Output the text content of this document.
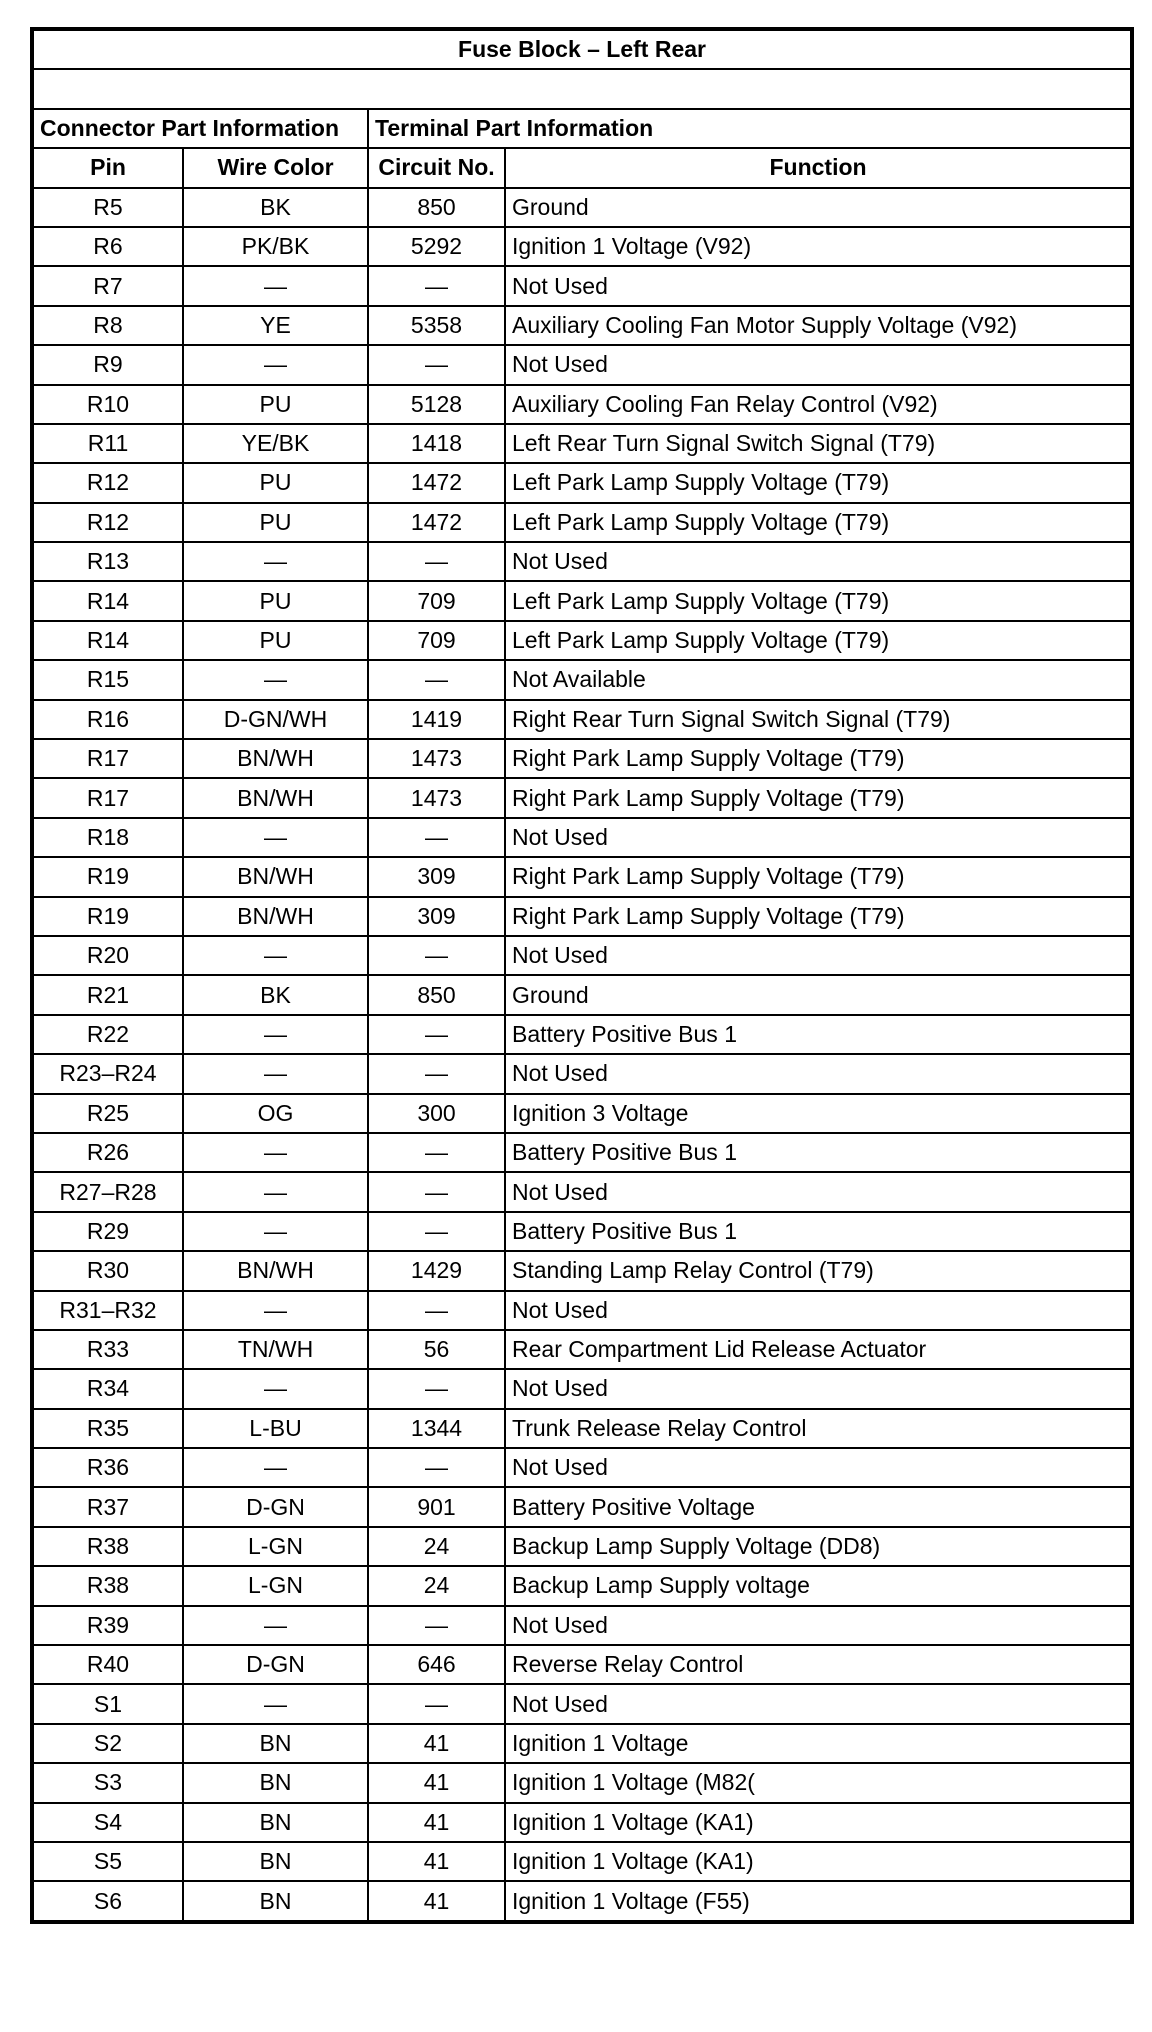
Fuse Block – Left Rear			

Connector Part Information		Terminal Part Information	
Pin	Wire Color	Circuit No.	Function
R5	BK	850	Ground
R6	PK/BK	5292	Ignition 1 Voltage (V92)
R7	—	—	Not Used
R8	YE	5358	Auxiliary Cooling Fan Motor Supply Voltage (V92)
R9	—	—	Not Used
R10	PU	5128	Auxiliary Cooling Fan Relay Control (V92)
R11	YE/BK	1418	Left Rear Turn Signal Switch Signal (T79)
R12	PU	1472	Left Park Lamp Supply Voltage (T79)
R12	PU	1472	Left Park Lamp Supply Voltage (T79)
R13	—	—	Not Used
R14	PU	709	Left Park Lamp Supply Voltage (T79)
R14	PU	709	Left Park Lamp Supply Voltage (T79)
R15	—	—	Not Available
R16	D-GN/WH	1419	Right Rear Turn Signal Switch Signal (T79)
R17	BN/WH	1473	Right Park Lamp Supply Voltage (T79)
R17	BN/WH	1473	Right Park Lamp Supply Voltage (T79)
R18	—	—	Not Used
R19	BN/WH	309	Right Park Lamp Supply Voltage (T79)
R19	BN/WH	309	Right Park Lamp Supply Voltage (T79)
R20	—	—	Not Used
R21	BK	850	Ground
R22	—	—	Battery Positive Bus 1
R23–R24	—	—	Not Used
R25	OG	300	Ignition 3 Voltage
R26	—	—	Battery Positive Bus 1
R27–R28	—	—	Not Used
R29	—	—	Battery Positive Bus 1
R30	BN/WH	1429	Standing Lamp Relay Control (T79)
R31–R32	—	—	Not Used
R33	TN/WH	56	Rear Compartment Lid Release Actuator
R34	—	—	Not Used
R35	L-BU	1344	Trunk Release Relay Control
R36	—	—	Not Used
R37	D-GN	901	Battery Positive Voltage
R38	L-GN	24	Backup Lamp Supply Voltage (DD8)
R38	L-GN	24	Backup Lamp Supply voltage
R39	—	—	Not Used
R40	D-GN	646	Reverse Relay Control
S1	—	—	Not Used
S2	BN	41	Ignition 1 Voltage
S3	BN	41	Ignition 1 Voltage (M82(
S4	BN	41	Ignition 1 Voltage (KA1)
S5	BN	41	Ignition 1 Voltage (KA1)
S6	BN	41	Ignition 1 Voltage (F55)
